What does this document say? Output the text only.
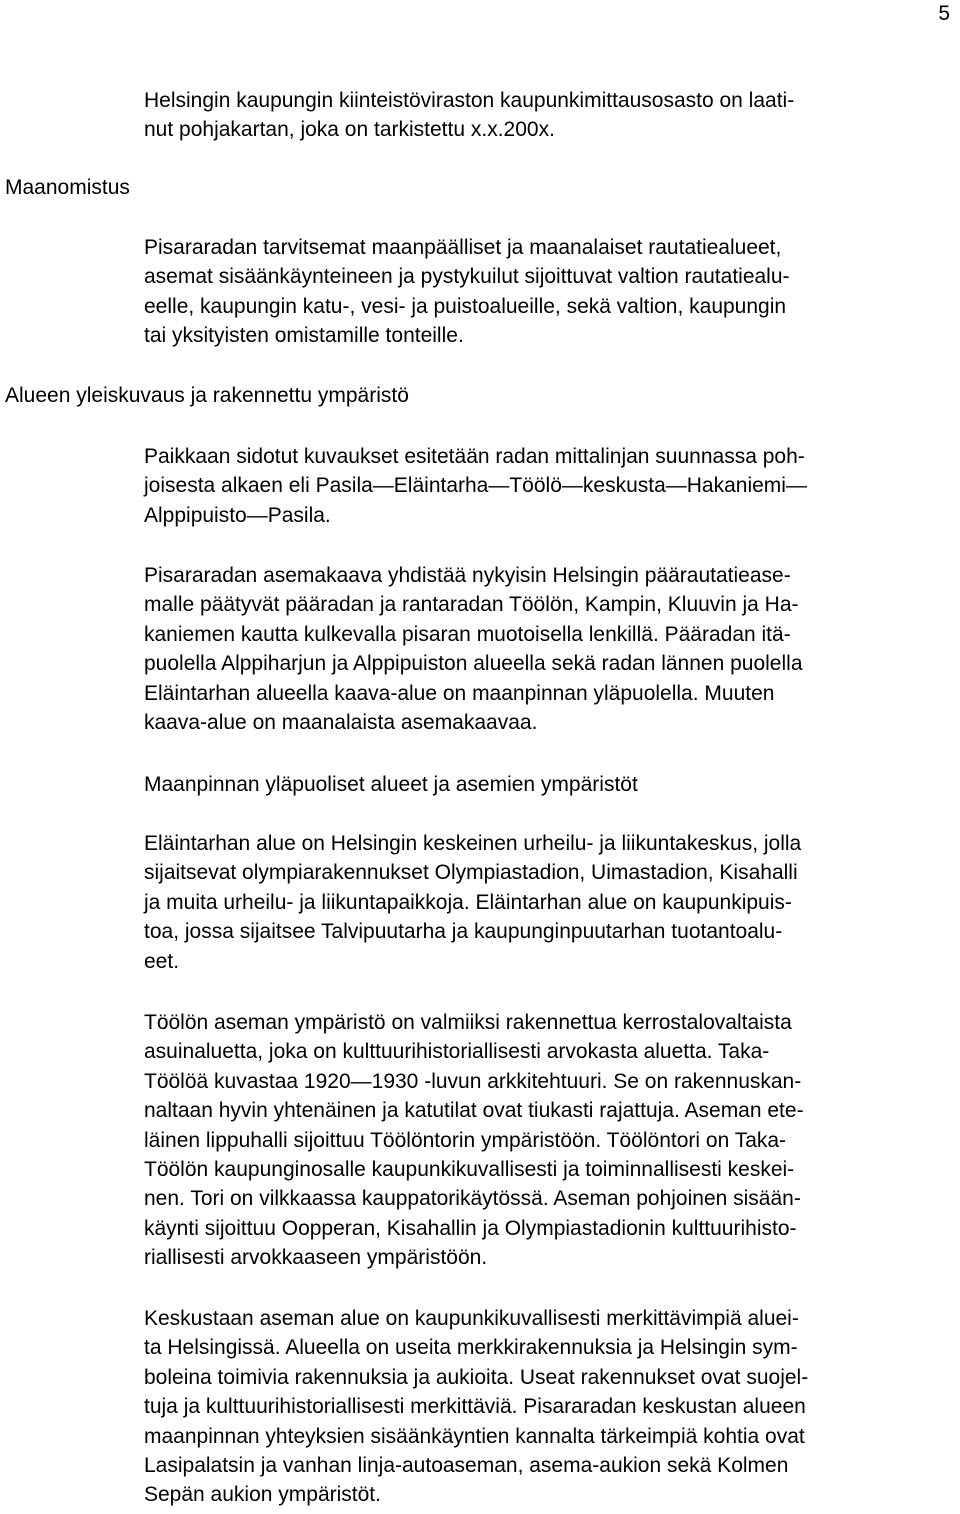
5

Helsingin kaupungin kiinteistöviraston kaupunkimittausosasto on laati-
nut pohjakartan, joka on tarkistettu x.x.200x.

Maanomistus

Pisararadan tarvitsemat maanpäälliset ja maanalaiset rautatiealueet,
asemat sisäänkäynteineen ja pystykuilut sijoittuvat valtion rautatiealu-
eelle, kaupungin katu-, vesi- ja puistoalueille, sekä valtion, kaupungin
tai yksityisten omistamille tonteille.

Alueen yleiskuvaus ja rakennettu ympäristö

Paikkaan sidotut kuvaukset esitetään radan mittalinjan suunnassa poh-
joisesta alkaen eli Pasila—Eläintarha—Töölö—keskusta—Hakaniemi—
Alppipuisto—Pasila.

Pisararadan asemakaava yhdistää nykyisin Helsingin päärautatiease-
malle päätyvät pääradan ja rantaradan Töölön, Kampin, Kluuvin ja Ha-
kaniemen kautta kulkevalla pisaran muotoisella lenkillä. Pääradan itä-
puolella Alppiharjun ja Alppipuiston alueella sekä radan lännen puolella
Eläintarhan alueella kaava-alue on maanpinnan yläpuolella. Muuten
kaava-alue on maanalaista asemakaavaa.

Maanpinnan yläpuoliset alueet ja asemien ympäristöt

Eläintarhan alue on Helsingin keskeinen urheilu- ja liikuntakeskus, jolla
sijaitsevat olympiarakennukset Olympiastadion, Uimastadion, Kisahalli
ja muita urheilu- ja liikuntapaikkoja. Eläintarhan alue on kaupunkipuis-
toa, jossa sijaitsee Talvipuutarha ja kaupunginpuutarhan tuotantoalu-
eet.

Töölön aseman ympäristö on valmiiksi rakennettua kerrostalovaltaista
asuinaluetta, joka on kulttuurihistoriallisesti arvokasta aluetta. Taka-
Töölöä kuvastaa 1920—1930 -luvun arkkitehtuuri. Se on rakennuskan-
naltaan hyvin yhtenäinen ja katutilat ovat tiukasti rajattuja. Aseman ete-
läinen lippuhalli sijoittuu Töölöntorin ympäristöön. Töölöntori on Taka-
Töölön kaupunginosalle kaupunkikuvallisesti ja toiminnallisesti keskei-
nen. Tori on vilkkaassa kauppatorikäytössä. Aseman pohjoinen sisään-
käynti sijoittuu Oopperan, Kisahallin ja Olympiastadionin kulttuurihisto-
riallisesti arvokkaaseen ympäristöön.

Keskustaan aseman alue on kaupunkikuvallisesti merkittävimpiä aluei-
ta Helsingissä. Alueella on useita merkkirakennuksia ja Helsingin sym-
boleina toimivia rakennuksia ja aukioita. Useat rakennukset ovat suojel-
tuja ja kulttuurihistoriallisesti merkittäviä. Pisararadan keskustan alueen
maanpinnan yhteyksien sisäänkäyntien kannalta tärkeimpiä kohtia ovat
Lasipalatsin ja vanhan linja-autoaseman, asema-aukion sekä Kolmen
Sepän aukion ympäristöt.
